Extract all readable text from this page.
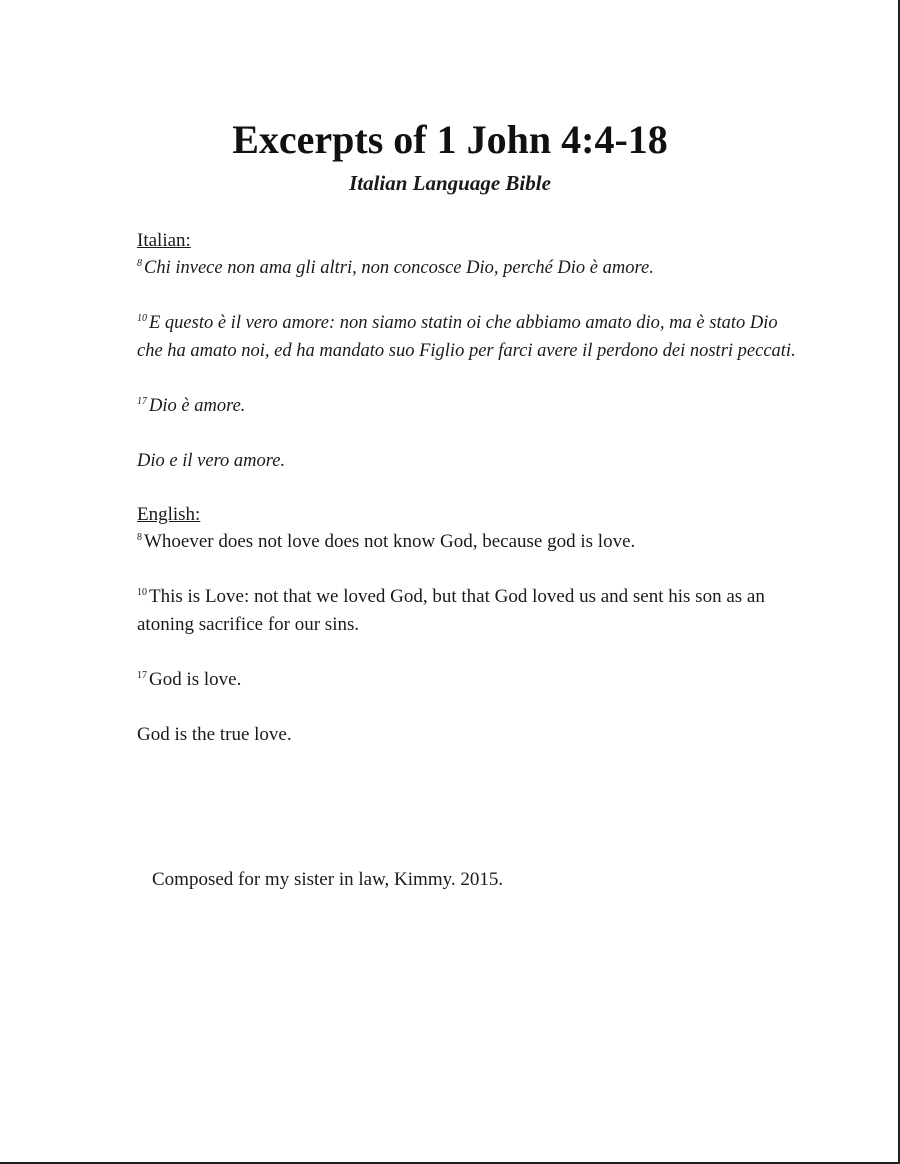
Excerpts of 1 John 4:4-18
Italian Language Bible

Italian:

$^8$ Chi invece non ama gli altri, non concosce Dio, perché Dio è amore.

$^{10}$ E questo è il vero amore: non siamo statin oi che abbiamo amato dio, ma è stato Dio che ha amato noi, ed ha mandato suo Figlio per farci avere il perdono dei nostri peccati.

$^{17}$ Dio è amore.

Dio e il vero amore.

English:

$^8$ Whoever does not love does not know God, because god is love.

$^{10}$ This is Love: not that we loved God, but that God loved us and sent his son as an atoning sacrifice for our sins.

$^{17}$ God is love.

God is the true love.

Composed for my sister in law, Kimmy. 2015.
